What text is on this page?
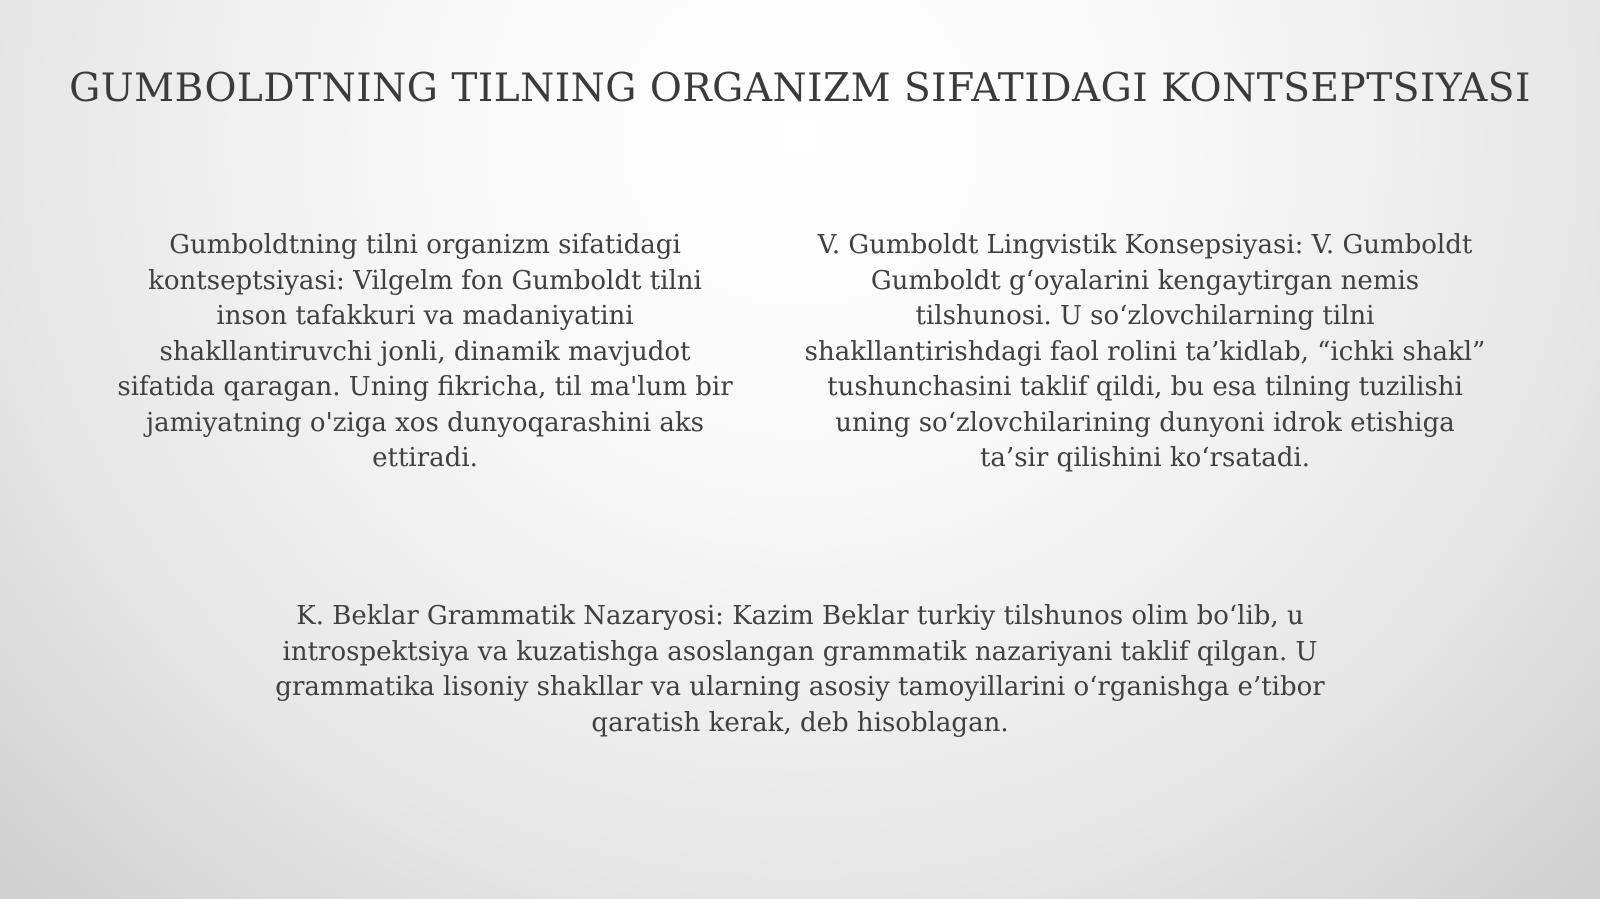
GUMBOLDTNING TILNING ORGANIZM SIFATIDAGI KONTSEPTSIYASI

Gumboldtning tilni organizm sifatidagi kontseptsiyasi: Vilgelm fon Gumboldt tilni inson tafakkuri va madaniyatini shakllantiruvchi jonli, dinamik mavjudot sifatida qaragan. Uning fikricha, til ma'lum bir jamiyatning o'ziga xos dunyoqarashini aks ettiradi.

V. Gumboldt Lingvistik Konsepsiyasi: V. Gumboldt Gumboldt g‘oyalarini kengaytirgan nemis tilshunosi. U so‘zlovchilarning tilni shakllantirishdagi faol rolini ta’kidlab, “ichki shakl” tushunchasini taklif qildi, bu esa tilning tuzilishi uning so‘zlovchilarining dunyoni idrok etishiga ta’sir qilishini ko‘rsatadi.

K. Beklar Grammatik Nazaryosi: Kazim Beklar turkiy tilshunos olim bo‘lib, u introspektsiya va kuzatishga asoslangan grammatik nazariyani taklif qilgan. U grammatika lisoniy shakllar va ularning asosiy tamoyillarini o‘rganishga e’tibor qaratish kerak, deb hisoblagan.
